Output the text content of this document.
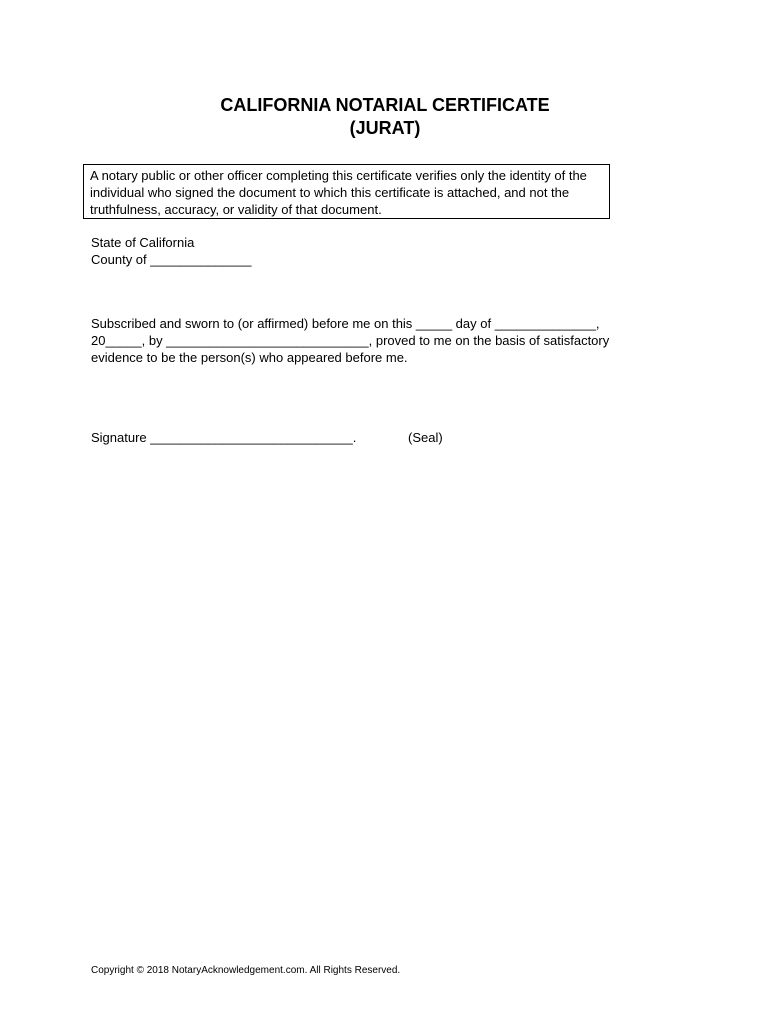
CALIFORNIA NOTARIAL CERTIFICATE
(JURAT)
A notary public or other officer completing this certificate verifies only the identity of the
individual who signed the document to which this certificate is attached, and not the
truthfulness, accuracy, or validity of that document.
State of California
County of ______________
Subscribed and sworn to (or affirmed) before me on this _____ day of ______________,
20_____, by ____________________________, proved to me on the basis of satisfactory
evidence to be the person(s) who appeared before me.
Signature ____________________________.	(Seal)
Copyright © 2018 NotaryAcknowledgement.com. All Rights Reserved.
